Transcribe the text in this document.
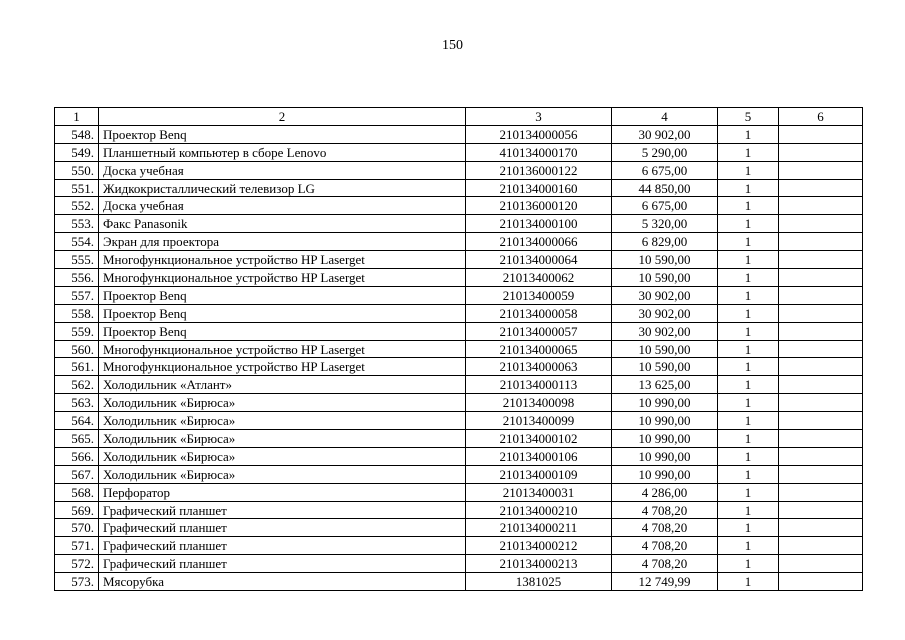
150
1	2	3	4	5	6
548.	Проектор Benq	210134000056	30 902,00	1	
549.	Планшетный компьютер в сборе Lenovo	410134000170	5 290,00	1	
550.	Доска учебная	210136000122	6 675,00	1	
551.	Жидкокристаллический телевизор LG	210134000160	44 850,00	1	
552.	Доска учебная	210136000120	6 675,00	1	
553.	Факс Panasonik	210134000100	5 320,00	1	
554.	Экран для проектора	210134000066	6 829,00	1	
555.	Многофункциональное устройство HP Laserget	210134000064	10 590,00	1	
556.	Многофункциональное устройство HP Laserget	21013400062	10 590,00	1	
557.	Проектор Benq	21013400059	30 902,00	1	
558.	Проектор Benq	210134000058	30 902,00	1	
559.	Проектор Benq	210134000057	30 902,00	1	
560.	Многофункциональное устройство HP Laserget	210134000065	10 590,00	1	
561.	Многофункциональное устройство HP Laserget	210134000063	10 590,00	1	
562.	Холодильник «Атлант»	210134000113	13 625,00	1	
563.	Холодильник «Бирюса»	21013400098	10 990,00	1	
564.	Холодильник «Бирюса»	21013400099	10 990,00	1	
565.	Холодильник «Бирюса»	210134000102	10 990,00	1	
566.	Холодильник «Бирюса»	210134000106	10 990,00	1	
567.	Холодильник «Бирюса»	210134000109	10 990,00	1	
568.	Перфоратор	21013400031	4 286,00	1	
569.	Графический планшет	210134000210	4 708,20	1	
570.	Графический планшет	210134000211	4 708,20	1	
571.	Графический планшет	210134000212	4 708,20	1	
572.	Графический планшет	210134000213	4 708,20	1	
573.	Мясорубка	1381025	12 749,99	1	
